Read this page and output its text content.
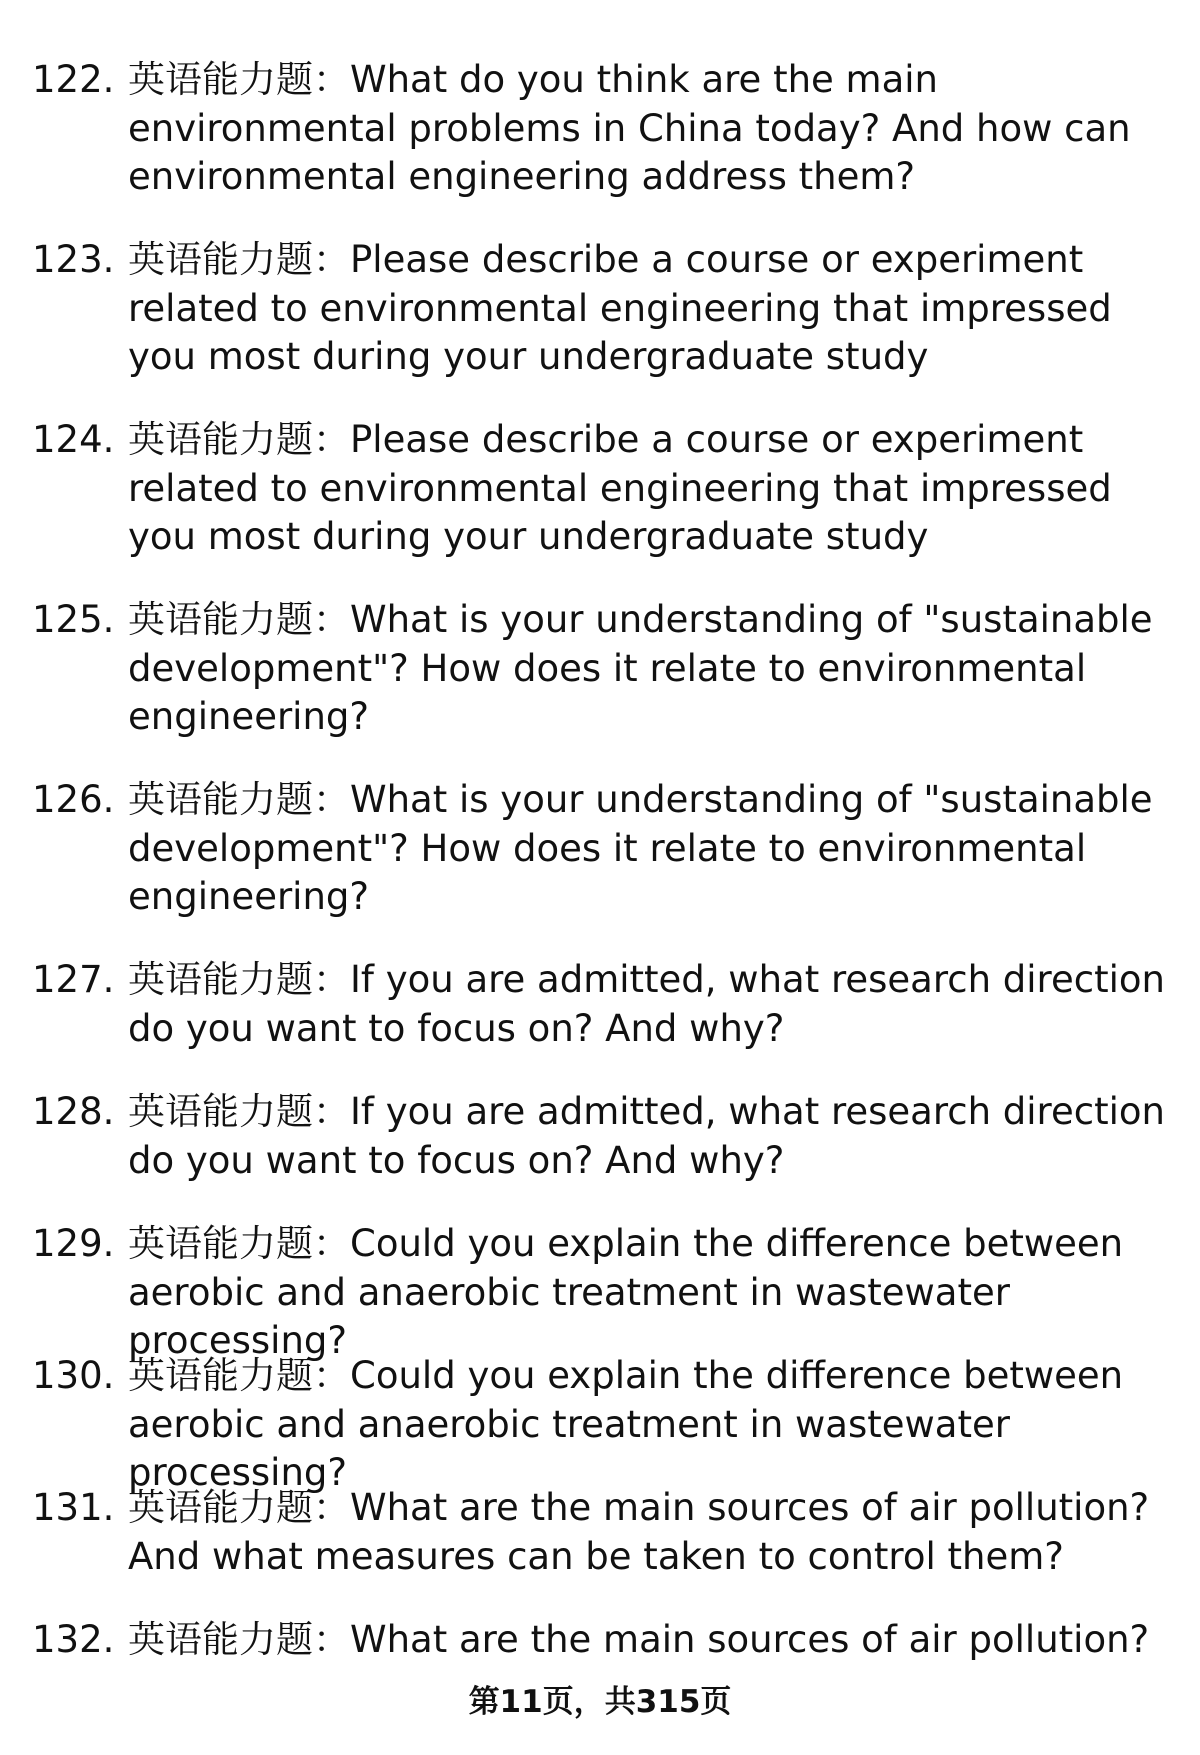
122. 英语能力题：What do you think are the main environmental problems in China today? And how can environmental engineering address them?
123. 英语能力题：Please describe a course or experiment related to environmental engineering that impressed you most during your undergraduate study
124. 英语能力题：Please describe a course or experiment related to environmental engineering that impressed you most during your undergraduate study
125. 英语能力题：What is your understanding of "sustainable development"? How does it relate to environmental engineering?
126. 英语能力题：What is your understanding of "sustainable development"? How does it relate to environmental engineering?
127. 英语能力题：If you are admitted, what research direction do you want to focus on? And why?
128. 英语能力题：If you are admitted, what research direction do you want to focus on? And why?
129. 英语能力题：Could you explain the difference between aerobic and anaerobic treatment in wastewater processing?
130. 英语能力题：Could you explain the difference between aerobic and anaerobic treatment in wastewater processing?
131. 英语能力题：What are the main sources of air pollution? And what measures can be taken to control them?
132. 英语能力题：What are the main sources of air pollution?
第11页，共315页
